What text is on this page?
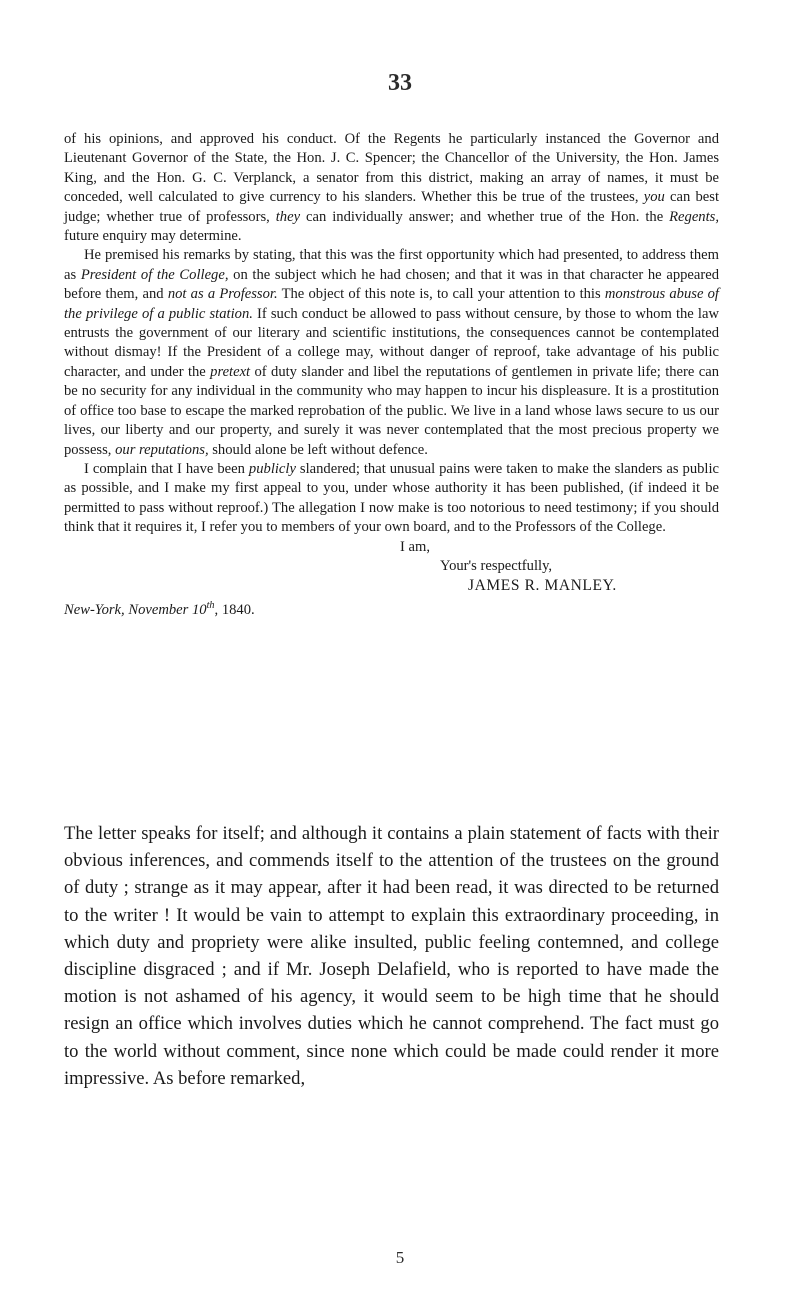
33

of his opinions, and approved his conduct. Of the Regents he particularly instanced the Governor and Lieutenant Governor of the State, the Hon. J. C. Spencer; the Chancellor of the University, the Hon. James King, and the Hon. G. C. Verplanck, a senator from this district, making an array of names, it must be conceded, well calculated to give currency to his slanders. Whether this be true of the trustees, you can best judge; whether true of professors, they can individually answer; and whether true of the Hon. the Regents, future enquiry may determine.

He premised his remarks by stating, that this was the first opportunity which had presented, to address them as President of the College, on the subject which he had chosen; and that it was in that character he appeared before them, and not as a Professor. The object of this note is, to call your attention to this monstrous abuse of the privilege of a public station. If such conduct be allowed to pass without censure, by those to whom the law entrusts the government of our literary and scientific institutions, the consequences cannot be contemplated without dismay! If the President of a college may, without danger of reproof, take advantage of his public character, and under the pretext of duty slander and libel the reputations of gentlemen in private life; there can be no security for any individual in the community who may happen to incur his displeasure. It is a prostitution of office too base to escape the marked reprobation of the public. We live in a land whose laws secure to us our lives, our liberty and our property, and surely it was never contemplated that the most precious property we possess, our reputations, should alone be left without defence.

I complain that I have been publicly slandered; that unusual pains were taken to make the slanders as public as possible, and I make my first appeal to you, under whose authority it has been published, (if indeed it be permitted to pass without reproof.) The allegation I now make is too notorious to need testimony; if you should think that it requires it, I refer you to members of your own board, and to the Professors of the College.

I am,
Your's respectfully,
JAMES R. MANLEY.
New-York, November 10th, 1840.

The letter speaks for itself; and although it contains a plain statement of facts with their obvious inferences, and commends itself to the attention of the trustees on the ground of duty ; strange as it may appear, after it had been read, it was directed to be returned to the writer ! It would be vain to attempt to explain this extraordinary proceeding, in which duty and propriety were alike insulted, public feeling contemned, and college discipline disgraced ; and if Mr. Joseph Delafield, who is reported to have made the motion is not ashamed of his agency, it would seem to be high time that he should resign an office which involves duties which he cannot comprehend. The fact must go to the world without comment, since none which could be made could render it more impressive. As before remarked,

5
